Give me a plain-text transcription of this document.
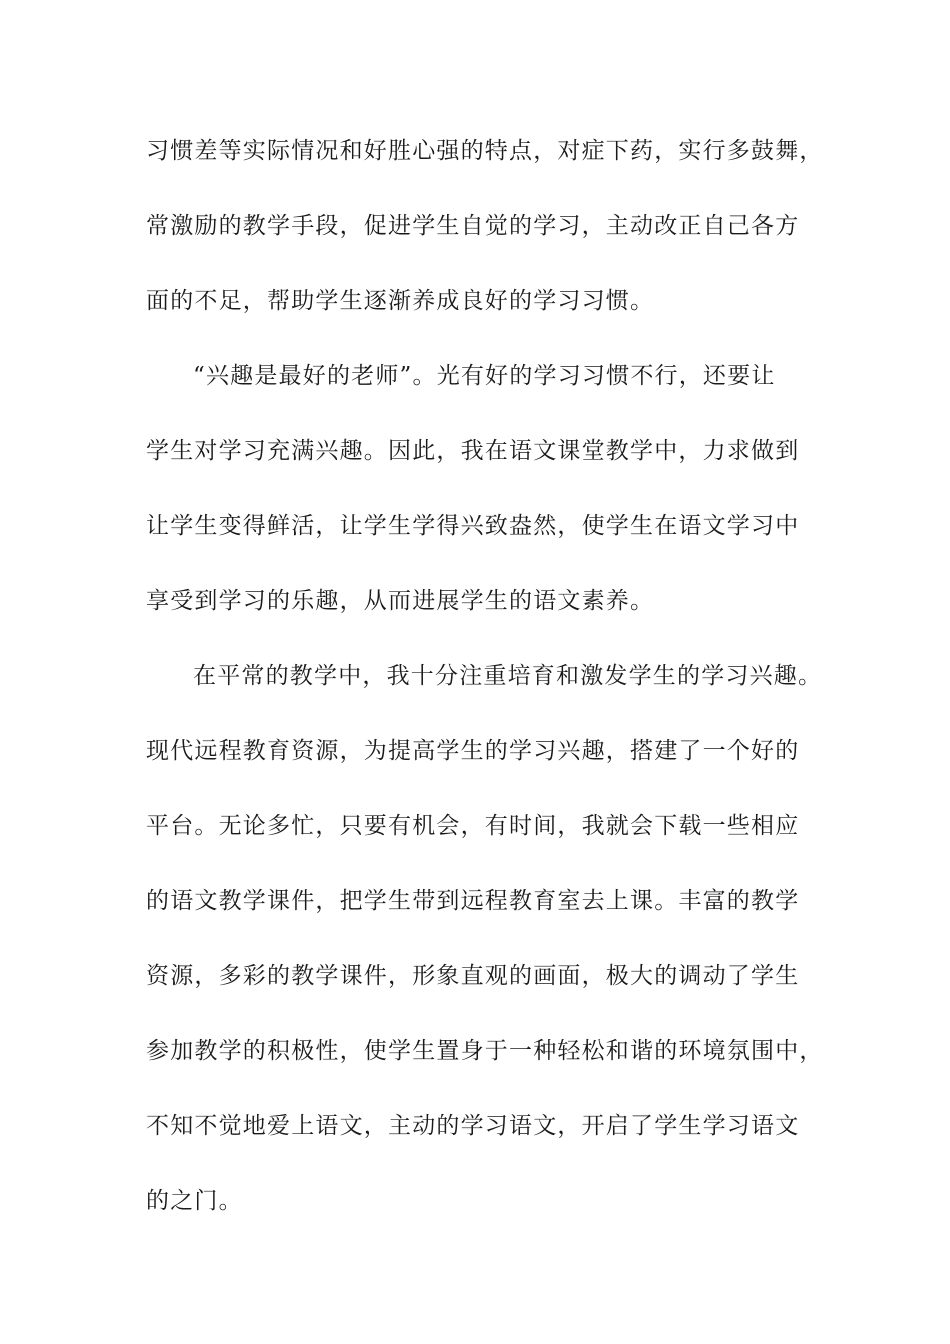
习惯差等实际情况和好胜心强的特点，对症下药，实行多鼓舞，
常激励的教学手段，促进学生自觉的学习，主动改正自己各方
面的不足，帮助学生逐渐养成良好的学习习惯。
“兴趣是最好的老师”。光有好的学习习惯不行，还要让
学生对学习充满兴趣。因此，我在语文课堂教学中，力求做到
让学生变得鲜活，让学生学得兴致盎然，使学生在语文学习中
享受到学习的乐趣，从而进展学生的语文素养。
在平常的教学中，我十分注重培育和激发学生的学习兴趣。
现代远程教育资源，为提高学生的学习兴趣，搭建了一个好的
平台。无论多忙，只要有机会，有时间，我就会下载一些相应
的语文教学课件，把学生带到远程教育室去上课。丰富的教学
资源，多彩的教学课件，形象直观的画面，极大的调动了学生
参加教学的积极性，使学生置身于一种轻松和谐的环境氛围中，
不知不觉地爱上语文，主动的学习语文，开启了学生学习语文
的之门。
